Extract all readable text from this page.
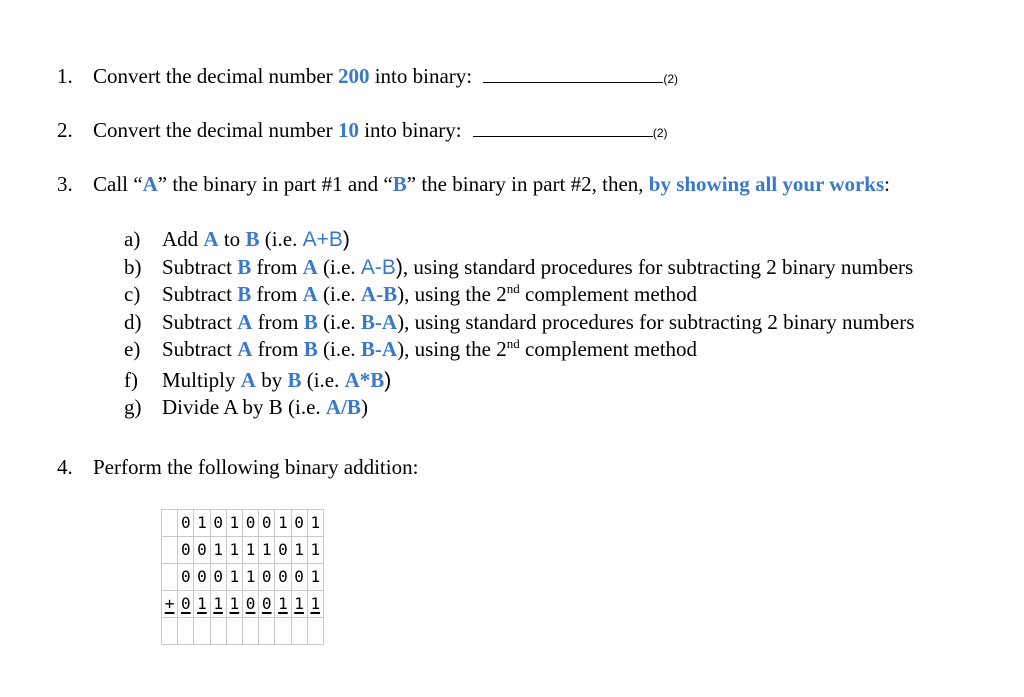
1. Convert the decimal number 200 into binary:	(2)
2. Convert the decimal number 10 into binary:	(2)
3. Call “A” the binary in part #1 and “B” the binary in part #2, then, by showing all your works:
a) Add A to B (i.e. A+B)
b) Subtract B from A (i.e. A-B), using standard procedures for subtracting 2 binary numbers
c) Subtract B from A (i.e. A-B), using the 2nd complement method
d) Subtract A from B (i.e. B-A), using standard procedures for subtracting 2 binary numbers
e) Subtract A from B (i.e. B-A), using the 2nd complement method
f) Multiply A by B (i.e. A*B)
g) Divide A by B (i.e. A/B)
4. Perform the following binary addition:
	0	1	0	1	0	0	1	0	1
	0	0	1	1	1	1	0	1	1
	0	0	0	1	1	0	0	0	1
+	0	1	1	1	0	0	1	1	1
